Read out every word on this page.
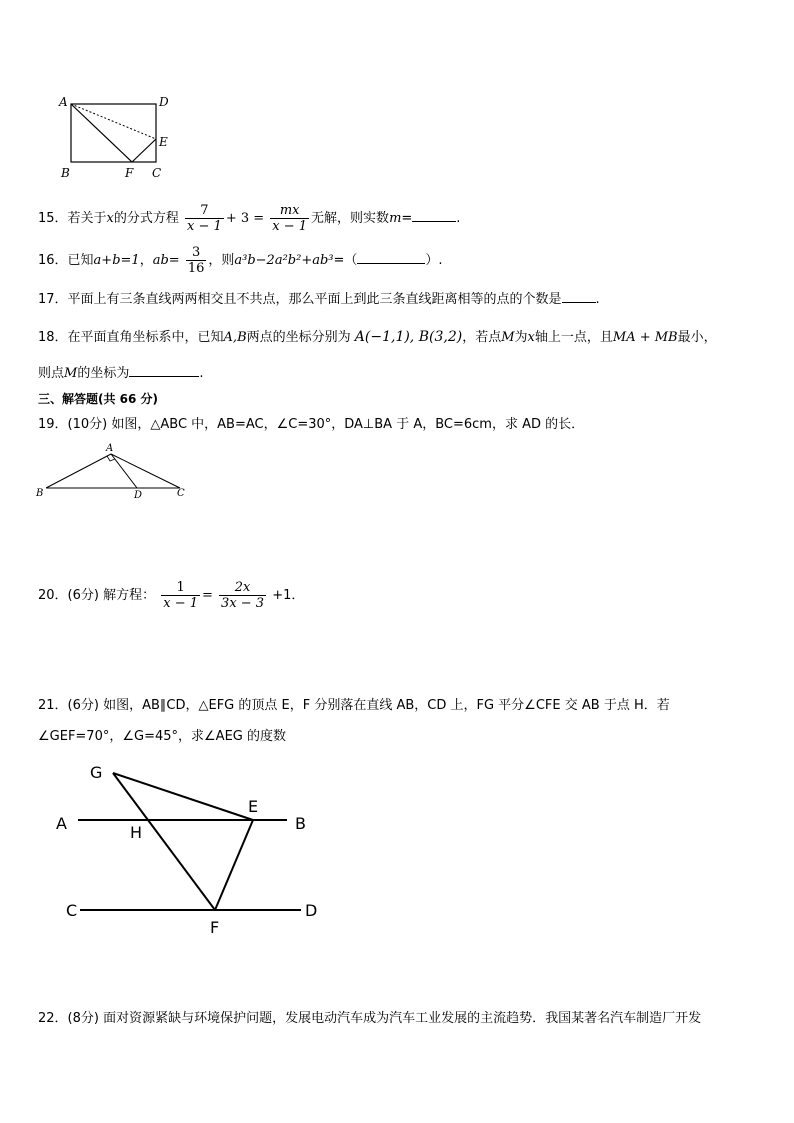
A	D
E
B	F C
15．若关于x的分式方程 $\frac{7}{x - 1} + 3 = \frac{mx}{x - 1}$ 无解，则实数m=	.
16．已知a+b=1，$ab= \frac{3}{16}$ ，则a³b−2a²b²+ab³=（	）.
17．平面上有三条直线两两相交且不共点，那么平面上到此三条直线距离相等的点的个数是	.
18．在平面直角坐标系中，已知A,B两点的坐标分别为 A(−1,1), B(3,2)，若点M为x轴上一点，且MA + MB最小，
则点M的坐标为	.
三、解答题(共 66 分)
19．(10分) 如图，△ABC 中，AB=AC，∠C=30°，DA⊥BA 于 A，BC=6cm，求 AD 的长．
A
B	D	C
20．(6分) 解方程： $\frac{1}{x - 1} = \frac{2x}{3x - 3} +1$．
21．(6分) 如图，AB∥CD，△EFG 的顶点 E，F 分别落在直线 AB，CD 上，FG 平分∠CFE 交 AB 于点 H．若
∠GEF=70°，∠G=45°，求∠AEG 的度数
G
E
A	H	B
C	D
F
22．(8分) 面对资源紧缺与环境保护问题，发展电动汽车成为汽车工业发展的主流趋势．我国某著名汽车制造厂开发
